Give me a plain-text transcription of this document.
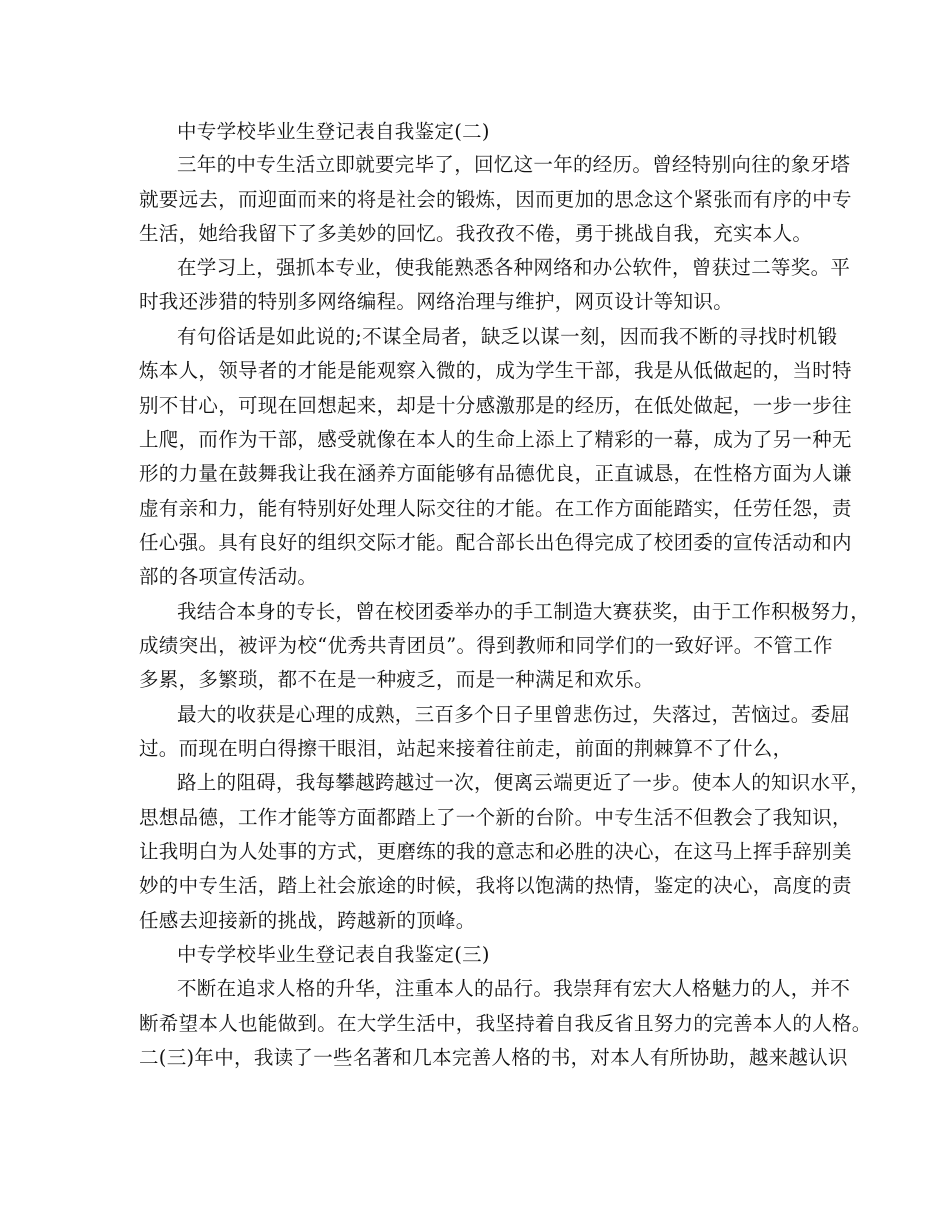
中专学校毕业生登记表自我鉴定(二)
三年的中专生活立即就要完毕了，回忆这一年的经历。曾经特别向往的象牙塔
就要远去，而迎面而来的将是社会的锻炼，因而更加的思念这个紧张而有序的中专
生活，她给我留下了多美妙的回忆。我孜孜不倦，勇于挑战自我，充实本人。
在学习上，强抓本专业，使我能熟悉各种网络和办公软件，曾获过二等奖。平
时我还涉猎的特别多网络编程。网络治理与维护，网页设计等知识。
有句俗话是如此说的;不谋全局者，缺乏以谋一刻，因而我不断的寻找时机锻
炼本人，领导者的才能是能观察入微的，成为学生干部，我是从低做起的，当时特
别不甘心，可现在回想起来，却是十分感激那是的经历，在低处做起，一步一步往
上爬，而作为干部，感受就像在本人的生命上添上了精彩的一幕，成为了另一种无
形的力量在鼓舞我让我在涵养方面能够有品德优良，正直诚恳，在性格方面为人谦
虚有亲和力，能有特别好处理人际交往的才能。在工作方面能踏实，任劳任怨，责
任心强。具有良好的组织交际才能。配合部长出色得完成了校团委的宣传活动和内
部的各项宣传活动。
我结合本身的专长，曾在校团委举办的手工制造大赛获奖，由于工作积极努力，
成绩突出，被评为校“优秀共青团员”。得到教师和同学们的一致好评。不管工作
多累，多繁琐，都不在是一种疲乏，而是一种满足和欢乐。
最大的收获是心理的成熟，三百多个日子里曾悲伤过，失落过，苦恼过。委屈
过。而现在明白得擦干眼泪，站起来接着往前走，前面的荆棘算不了什么，
路上的阻碍，我每攀越跨越过一次，便离云端更近了一步。使本人的知识水平，
思想品德，工作才能等方面都踏上了一个新的台阶。中专生活不但教会了我知识，
让我明白为人处事的方式，更磨练的我的意志和必胜的决心，在这马上挥手辞别美
妙的中专生活，踏上社会旅途的时候，我将以饱满的热情，鉴定的决心，高度的责
任感去迎接新的挑战，跨越新的顶峰。
中专学校毕业生登记表自我鉴定(三)
不断在追求人格的升华，注重本人的品行。我崇拜有宏大人格魅力的人，并不
断希望本人也能做到。在大学生活中，我坚持着自我反省且努力的完善本人的人格。
二(三)年中，我读了一些名著和几本完善人格的书，对本人有所协助，越来越认识
